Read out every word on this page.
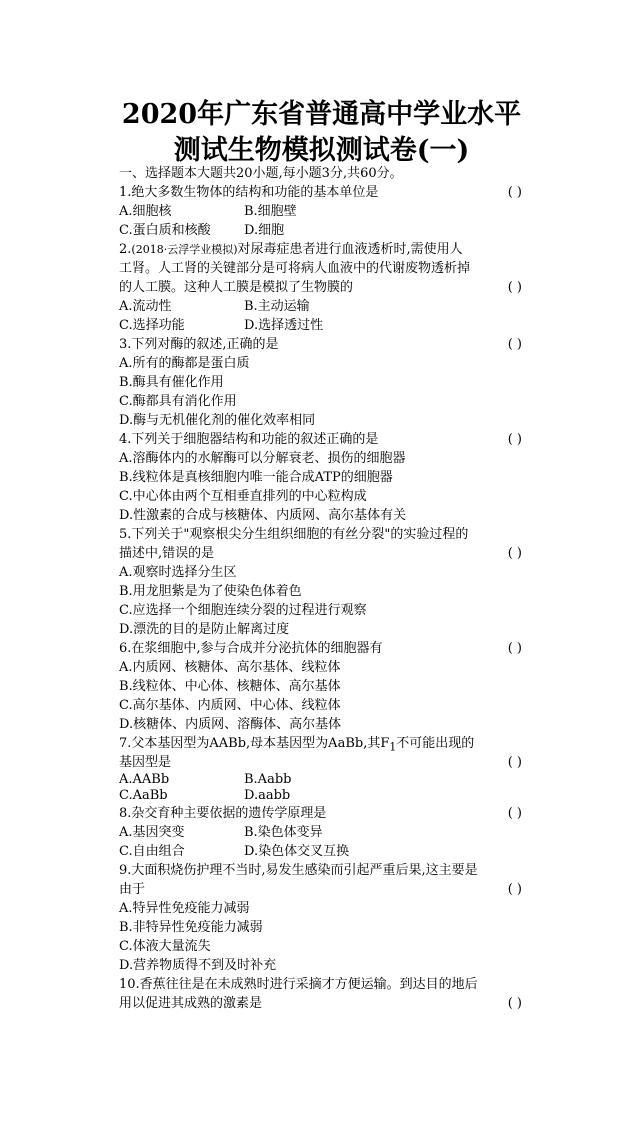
2020年广东省普通高中学业水平
测试生物模拟测试卷(一)
一、选择题本大题共20小题,每小题3分,共60分。
1.绝大多数生物体的结构和功能的基本单位是	( )
A.细胞核	B.细胞壁
C.蛋白质和核酸	D.细胞
2.(2018·云浮学业模拟)对尿毒症患者进行血液透析时,需使用人
工肾。人工肾的关键部分是可将病人血液中的代谢废物透析掉
的人工膜。这种人工膜是模拟了生物膜的	( )
A.流动性	B.主动运输
C.选择功能	D.选择透过性
3.下列对酶的叙述,正确的是	( )
A.所有的酶都是蛋白质
B.酶具有催化作用
C.酶都具有消化作用
D.酶与无机催化剂的催化效率相同
4.下列关于细胞器结构和功能的叙述正确的是	( )
A.溶酶体内的水解酶可以分解衰老、损伤的细胞器
B.线粒体是真核细胞内唯一能合成ATP的细胞器
C.中心体由两个互相垂直排列的中心粒构成
D.性激素的合成与核糖体、内质网、高尔基体有关
5.下列关于"观察根尖分生组织细胞的有丝分裂"的实验过程的
描述中,错误的是	( )
A.观察时选择分生区
B.用龙胆紫是为了使染色体着色
C.应选择一个细胞连续分裂的过程进行观察
D.漂洗的目的是防止解离过度
6.在浆细胞中,参与合成并分泌抗体的细胞器有	( )
A.内质网、核糖体、高尔基体、线粒体
B.线粒体、中心体、核糖体、高尔基体
C.高尔基体、内质网、中心体、线粒体
D.核糖体、内质网、溶酶体、高尔基体
7.父本基因型为AABb,母本基因型为AaBb,其$F_1$不可能出现的
基因型是	( )
A.AABb	B.Aabb
C.AaBb	D.aabb
8.杂交育种主要依据的遗传学原理是	( )
A.基因突变	B.染色体变异
C.自由组合	D.染色体交叉互换
9.大面积烧伤护理不当时,易发生感染而引起严重后果,这主要是
由于	( )
A.特异性免疫能力减弱
B.非特异性免疫能力减弱
C.体液大量流失
D.营养物质得不到及时补充
10.香蕉往往是在未成熟时进行采摘才方便运输。到达目的地后
用以促进其成熟的激素是	( )
